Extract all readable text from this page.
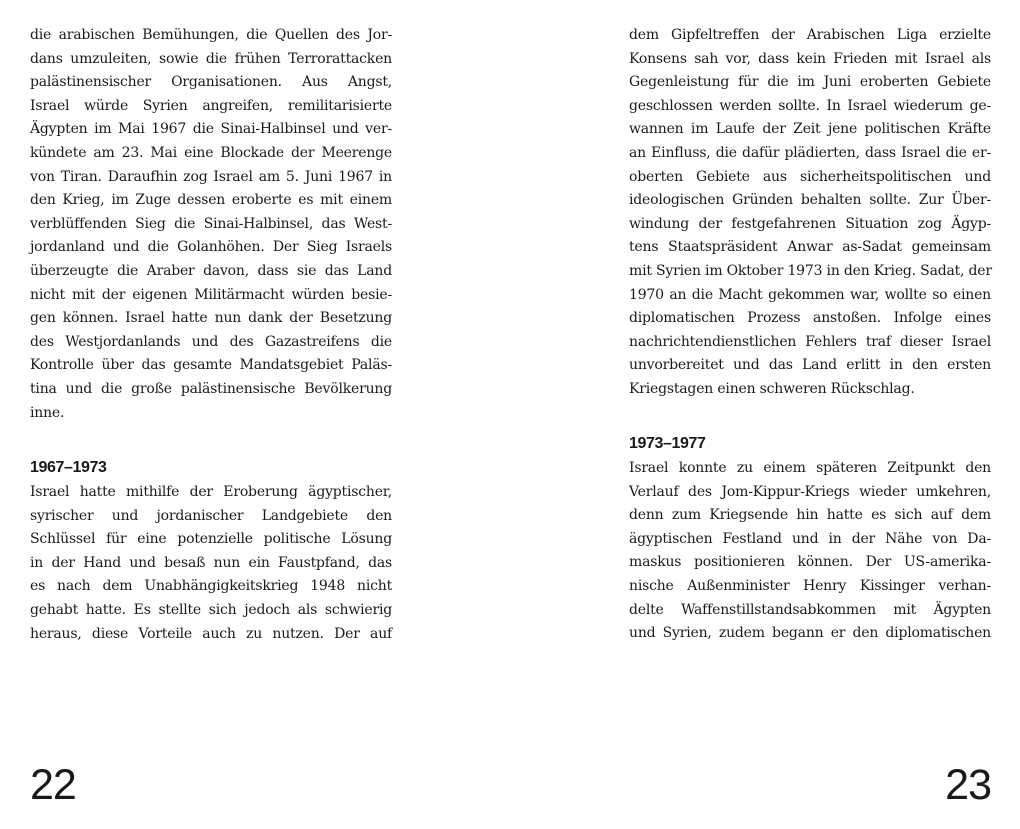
die arabischen Bemühungen, die Quellen des Jor-
dans umzuleiten, sowie die frühen Terrorattacken
palästinensischer Organisationen. Aus Angst,
Israel würde Syrien angreifen, remilitarisierte
Ägypten im Mai 1967 die Sinai-Halbinsel und ver-
kündete am 23. Mai eine Blockade der Meerenge
von Tiran. Daraufhin zog Israel am 5. Juni 1967 in
den Krieg, im Zuge dessen eroberte es mit einem
verblüffenden Sieg die Sinai-Halbinsel, das West-
jordanland und die Golanhöhen. Der Sieg Israels
überzeugte die Araber davon, dass sie das Land
nicht mit der eigenen Militärmacht würden besie-
gen können. Israel hatte nun dank der Besetzung
des Westjordanlands und des Gazastreifens die
Kontrolle über das gesamte Mandatsgebiet Paläs-
tina und die große palästinensische Bevölkerung
inne.
1967–1973
Israel hatte mithilfe der Eroberung ägyptischer,
syrischer und jordanischer Landgebiete den
Schlüssel für eine potenzielle politische Lösung
in der Hand und besaß nun ein Faustpfand, das
es nach dem Unabhängigkeitskrieg 1948 nicht
gehabt hatte. Es stellte sich jedoch als schwierig
heraus, diese Vorteile auch zu nutzen. Der auf
22
dem Gipfeltreffen der Arabischen Liga erzielte
Konsens sah vor, dass kein Frieden mit Israel als
Gegenleistung für die im Juni eroberten Gebiete
geschlossen werden sollte. In Israel wiederum ge-
wannen im Laufe der Zeit jene politischen Kräfte
an Einfluss, die dafür plädierten, dass Israel die er-
oberten Gebiete aus sicherheitspolitischen und
ideologischen Gründen behalten sollte. Zur Über-
windung der festgefahrenen Situation zog Ägyp-
tens Staatspräsident Anwar as-Sadat gemeinsam
mit Syrien im Oktober 1973 in den Krieg. Sadat, der
1970 an die Macht gekommen war, wollte so einen
diplomatischen Prozess anstoßen. Infolge eines
nachrichtendienstlichen Fehlers traf dieser Israel
unvorbereitet und das Land erlitt in den ersten
Kriegstagen einen schweren Rückschlag.
1973–1977
Israel konnte zu einem späteren Zeitpunkt den
Verlauf des Jom-Kippur-Kriegs wieder umkehren,
denn zum Kriegsende hin hatte es sich auf dem
ägyptischen Festland und in der Nähe von Da-
maskus positionieren können. Der US-amerika-
nische Außenminister Henry Kissinger verhan-
delte Waffenstillstandsabkommen mit Ägypten
und Syrien, zudem begann er den diplomatischen
23
